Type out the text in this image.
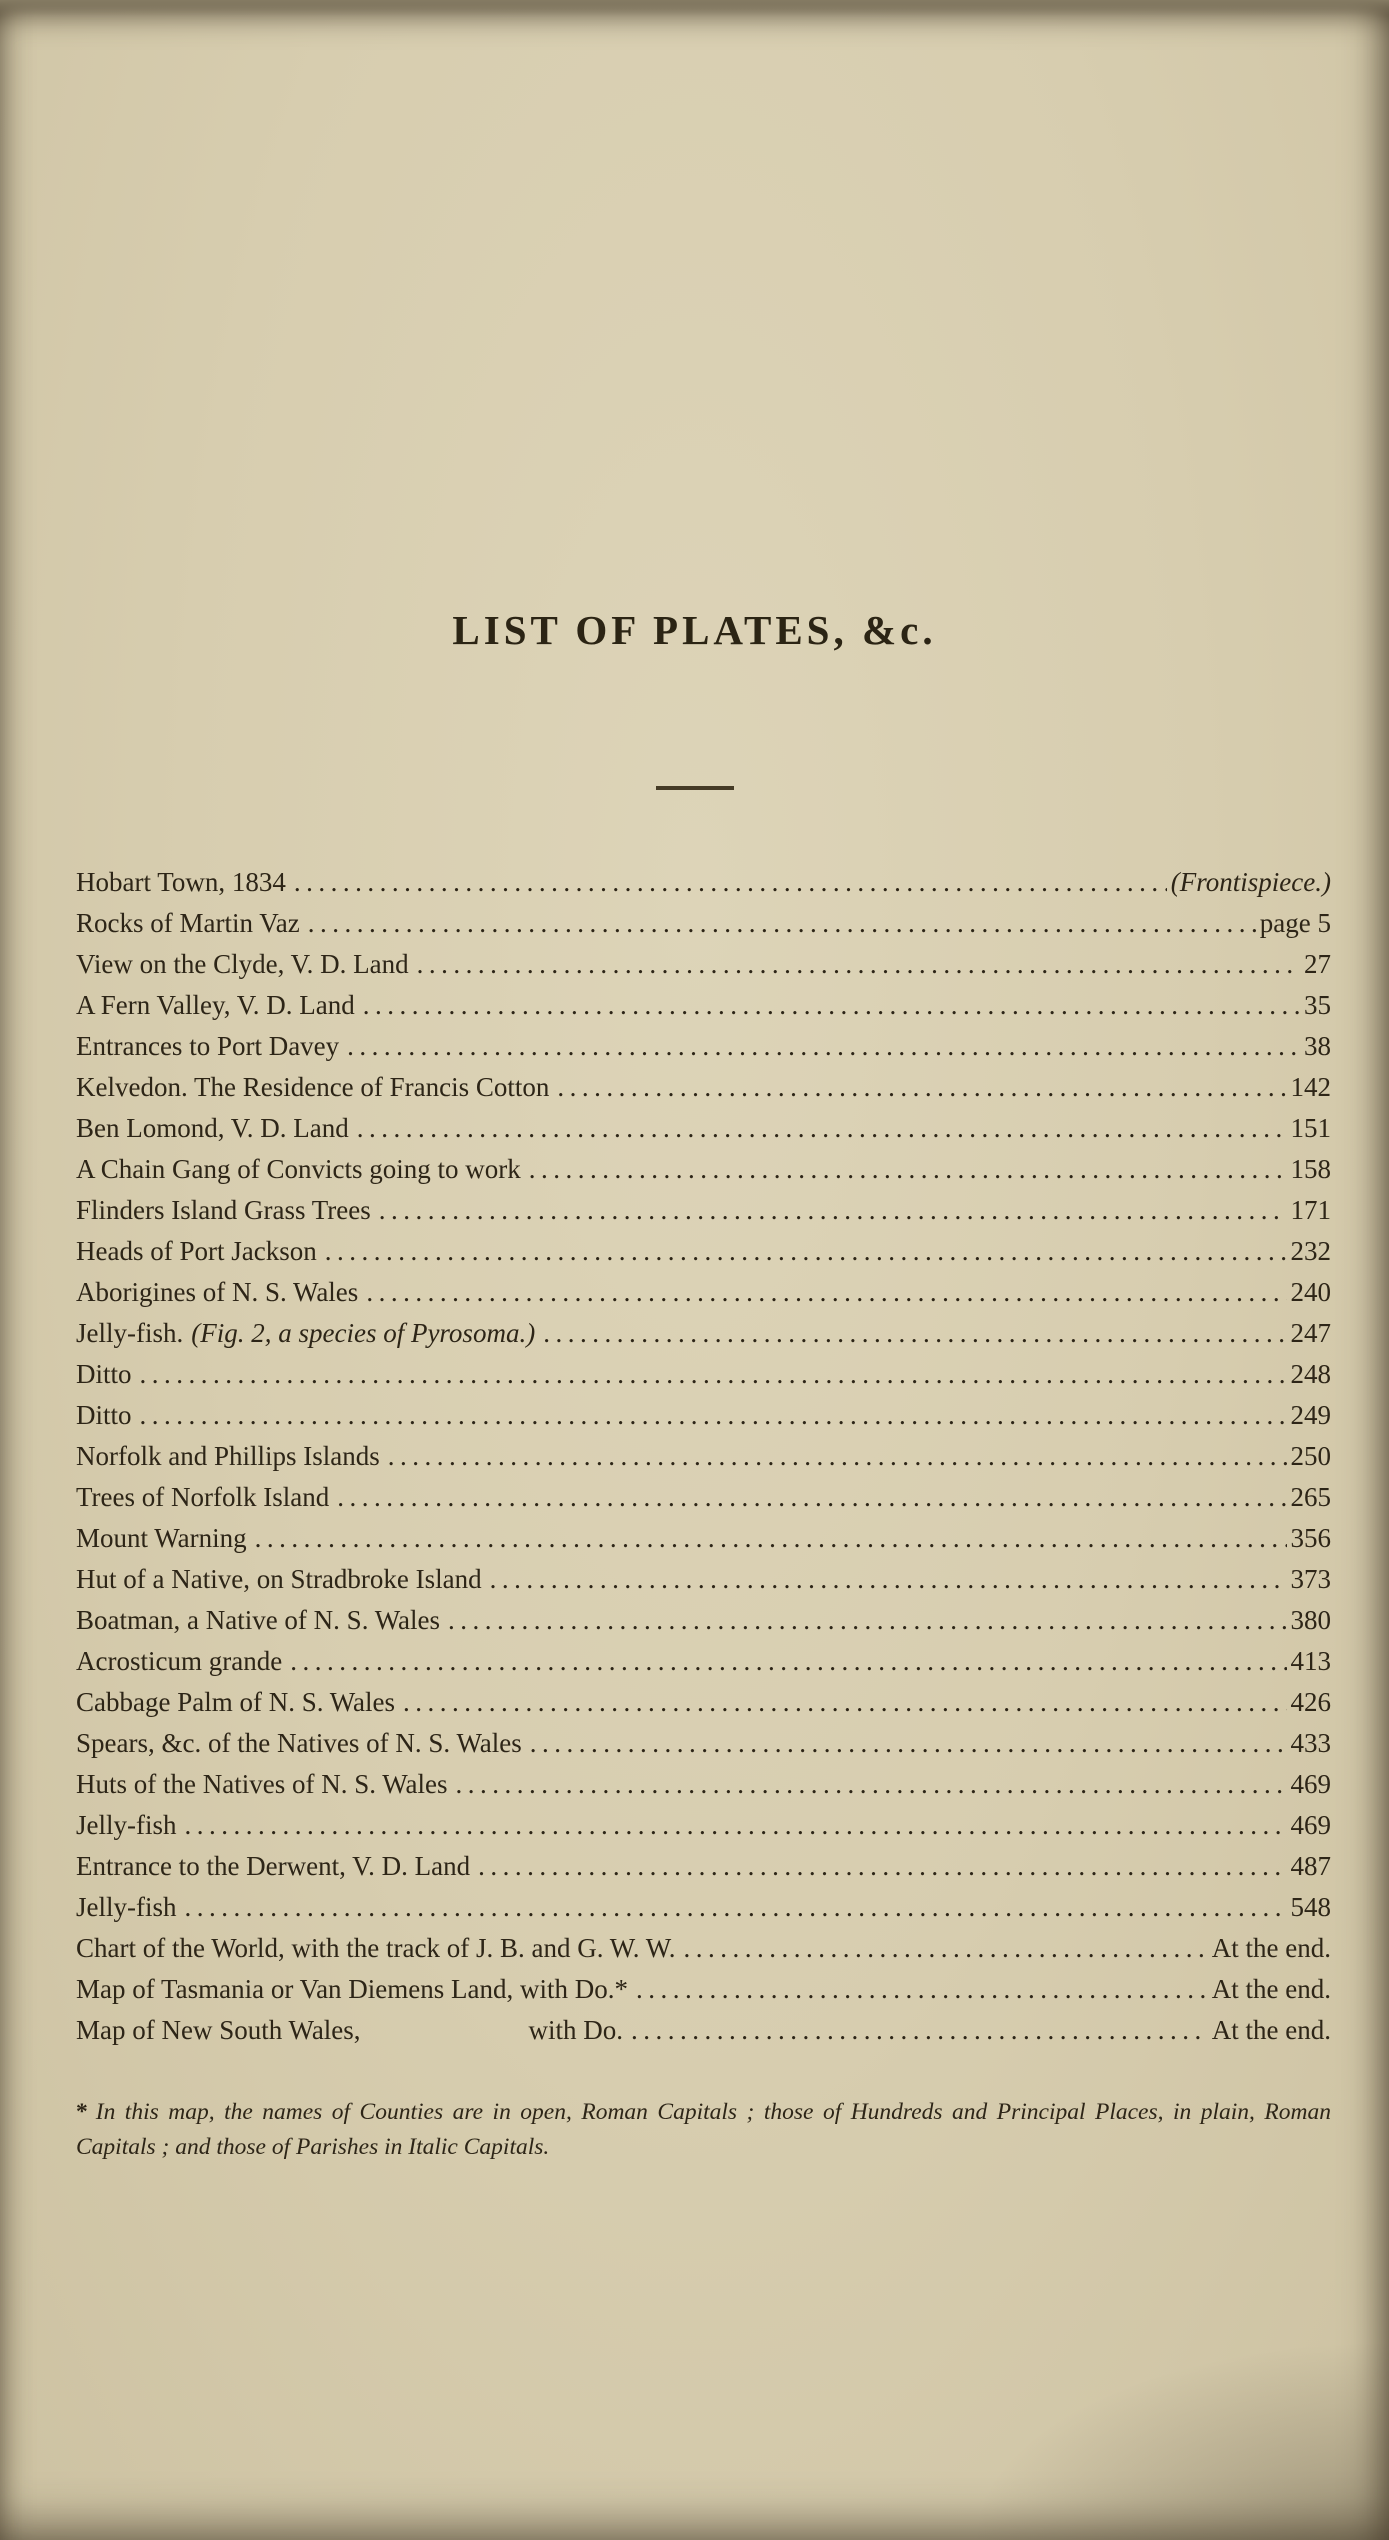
LIST OF PLATES, &c.
Hobart Town, 1834 .....	(Frontispiece.)
Rocks of Martin Vaz .....	page 5
View on the Clyde, V. D. Land .....	27
A Fern Valley, V. D. Land .....	35
Entrances to Port Davey .....	38
Kelvedon. The Residence of Francis Cotton .....	142
Ben Lomond, V. D. Land .....	151
A Chain Gang of Convicts going to work .....	158
Flinders Island Grass Trees .....	171
Heads of Port Jackson .....	232
Aborigines of N. S. Wales .....	240
Jelly-fish. (Fig. 2, a species of Pyrosoma.) .....	247
Ditto .....	248
Ditto .....	249
Norfolk and Phillips Islands .....	250
Trees of Norfolk Island .....	265
Mount Warning .....	356
Hut of a Native, on Stradbroke Island .....	373
Boatman, a Native of N. S. Wales .....	380
Acrosticum grande .....	413
Cabbage Palm of N. S. Wales .....	426
Spears, &c. of the Natives of N. S. Wales .....	433
Huts of the Natives of N. S. Wales .....	469
Jelly-fish .....	469
Entrance to the Derwent, V. D. Land .....	487
Jelly-fish .....	548
Chart of the World, with the track of J. B. and G. W. W. .....	At the end.
Map of Tasmania or Van Diemens Land, with Do.* .....	At the end.
Map of New South Wales,	with Do. .....	At the end.

* In this map, the names of Counties are in open, Roman Capitals ; those of Hundreds and Principal Places, in plain, Roman Capitals ; and those of Parishes in Italic Capitals.
